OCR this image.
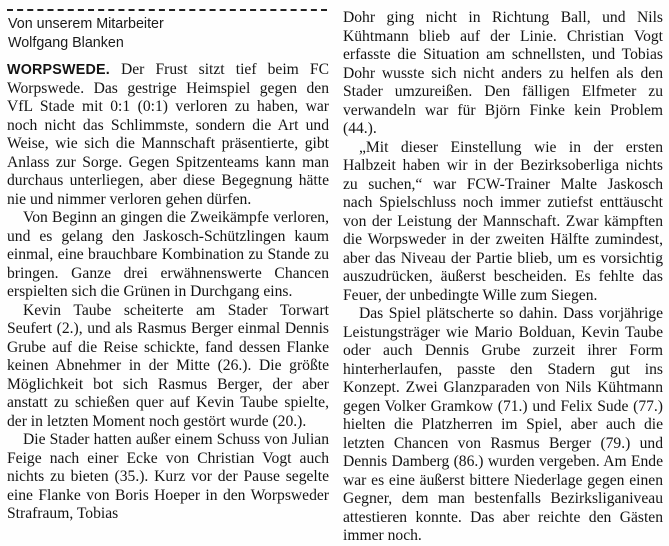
Von unserem Mitarbeiter
Wolfgang Blanken

WORPSWEDE. Der Frust sitzt tief beim FC Worpswede. Das gestrige Heimspiel gegen den VfL Stade mit 0:1 (0:1) verloren zu haben, war noch nicht das Schlimmste, sondern die Art und Weise, wie sich die Mannschaft präsentierte, gibt Anlass zur Sorge. Gegen Spitzenteams kann man durchaus unterliegen, aber diese Begegnung hätte nie und nimmer verloren gehen dürfen.

Von Beginn an gingen die Zweikämpfe verloren, und es gelang den Jaskosch-Schützlingen kaum einmal, eine brauchbare Kombination zu Stande zu bringen. Ganze drei erwähnenswerte Chancen erspielten sich die Grünen in Durchgang eins.

Kevin Taube scheiterte am Stader Torwart Seufert (2.), und als Rasmus Berger einmal Dennis Grube auf die Reise schickte, fand dessen Flanke keinen Abnehmer in der Mitte (26.). Die größte Möglichkeit bot sich Rasmus Berger, der aber anstatt zu schießen quer auf Kevin Taube spielte, der in letzten Moment noch gestört wurde (20.).

Die Stader hatten außer einem Schuss von Julian Feige nach einer Ecke von Christian Vogt auch nichts zu bieten (35.). Kurz vor der Pause segelte eine Flanke von Boris Hoeper in den Worpsweder Strafraum, Tobias

Dohr ging nicht in Richtung Ball, und Nils Kühtmann blieb auf der Linie. Christian Vogt erfasste die Situation am schnellsten, und Tobias Dohr wusste sich nicht anders zu helfen als den Stader umzureißen. Den fälligen Elfmeter zu verwandeln war für Björn Finke kein Problem (44.).

„Mit dieser Einstellung wie in der ersten Halbzeit haben wir in der Bezirksoberliga nichts zu suchen,“ war FCW-Trainer Malte Jaskosch nach Spielschluss noch immer zutiefst enttäuscht von der Leistung der Mannschaft. Zwar kämpften die Worpsweder in der zweiten Hälfte zumindest, aber das Niveau der Partie blieb, um es vorsichtig auszudrücken, äußerst bescheiden. Es fehlte das Feuer, der unbedingte Wille zum Siegen.

Das Spiel plätscherte so dahin. Dass vorjährige Leistungsträger wie Mario Bolduan, Kevin Taube oder auch Dennis Grube zurzeit ihrer Form hinterherlaufen, passte den Stadern gut ins Konzept. Zwei Glanzparaden von Nils Kühtmann gegen Volker Gramkow (71.) und Felix Sude (77.) hielten die Platzherren im Spiel, aber auch die letzten Chancen von Rasmus Berger (79.) und Dennis Damberg (86.) wurden vergeben. Am Ende war es eine äußerst bittere Niederlage gegen einen Gegner, dem man bestenfalls Bezirksliganiveau attestieren konnte. Das aber reichte den Gästen immer noch.
